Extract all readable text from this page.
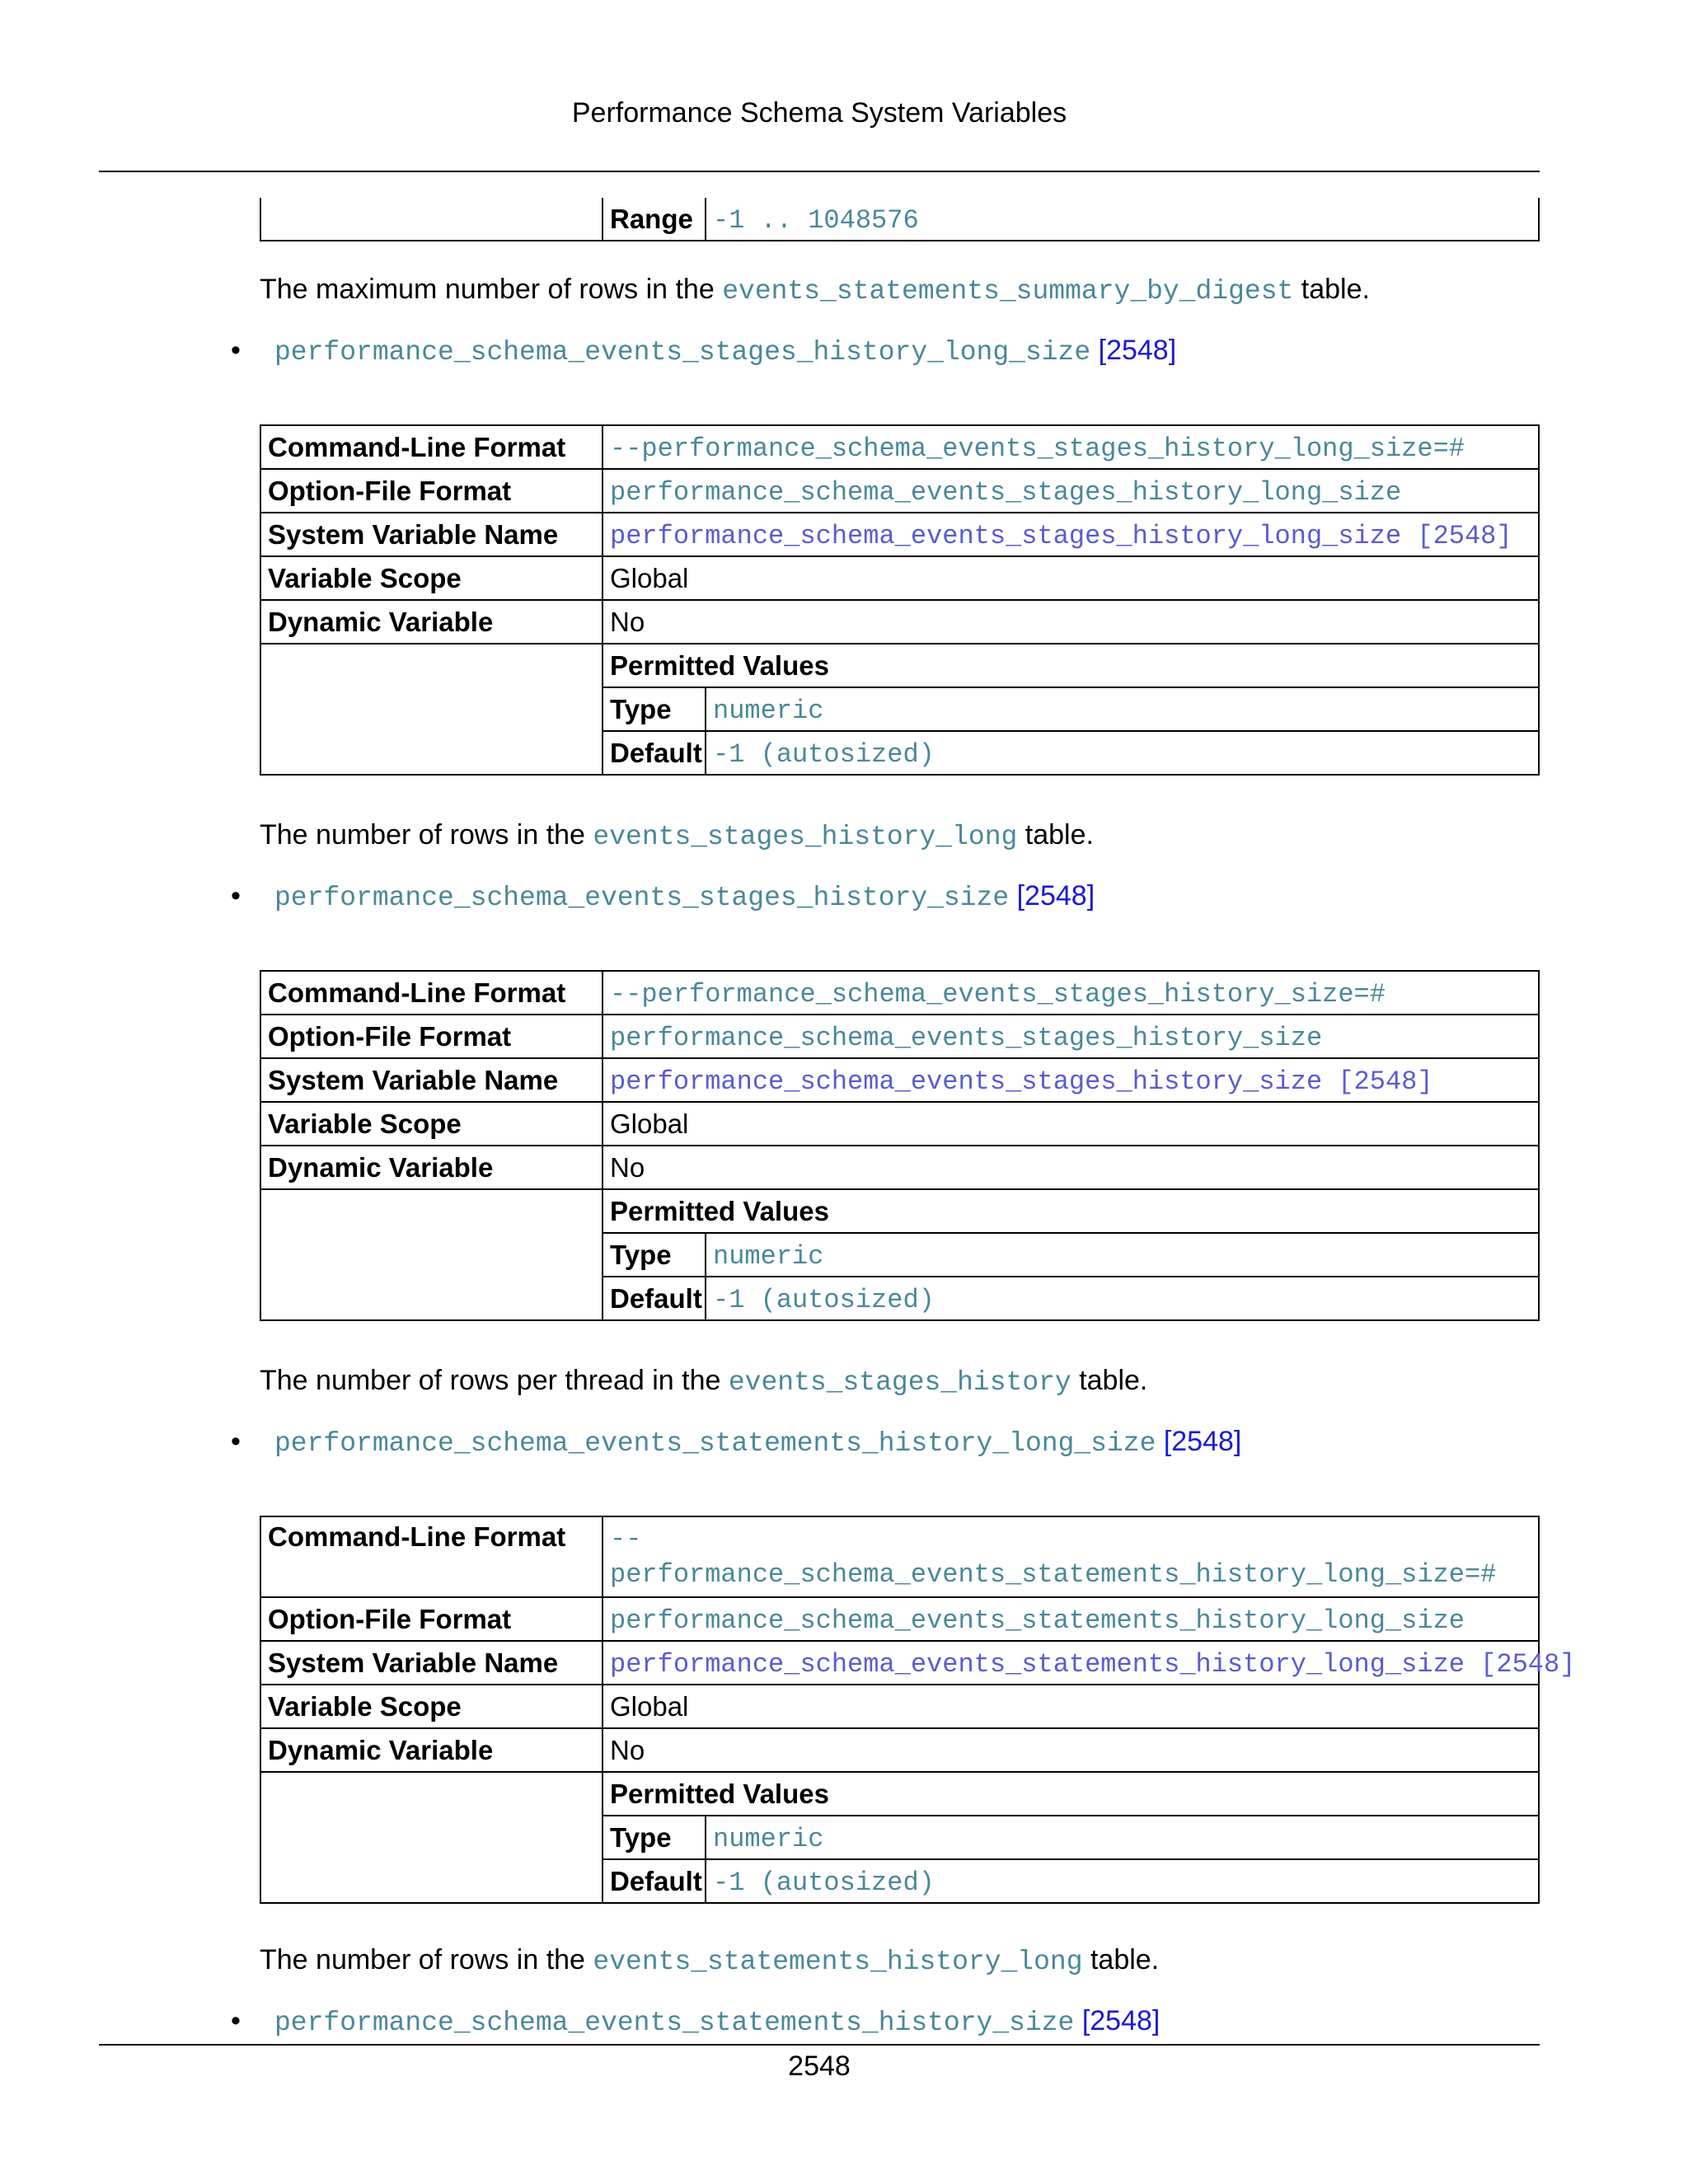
Performance Schema System Variables
	Range	-1 .. 1048576
The maximum number of rows in the events_statements_summary_by_digest table.
• performance_schema_events_stages_history_long_size [2548]
Command-Line Format	--performance_schema_events_stages_history_long_size=#	
Option-File Format	performance_schema_events_stages_history_long_size	
System Variable Name	performance_schema_events_stages_history_long_size [2548]	
Variable Scope	Global	
Dynamic Variable	No	
	Permitted Values	
	Type	numeric
	Default	-1 (autosized)
The number of rows in the events_stages_history_long table.
• performance_schema_events_stages_history_size [2548]
Command-Line Format	--performance_schema_events_stages_history_size=#	
Option-File Format	performance_schema_events_stages_history_size	
System Variable Name	performance_schema_events_stages_history_size [2548]	
Variable Scope	Global	
Dynamic Variable	No	
	Permitted Values	
	Type	numeric
	Default	-1 (autosized)
The number of rows per thread in the events_stages_history table.
• performance_schema_events_statements_history_long_size [2548]
Command-Line Format	--
performance_schema_events_statements_history_long_size=#	
Option-File Format	performance_schema_events_statements_history_long_size	
System Variable Name	performance_schema_events_statements_history_long_size [2548]	
Variable Scope	Global	
Dynamic Variable	No	
	Permitted Values	
	Type	numeric
	Default	-1 (autosized)
The number of rows in the events_statements_history_long table.
• performance_schema_events_statements_history_size [2548]
2548
